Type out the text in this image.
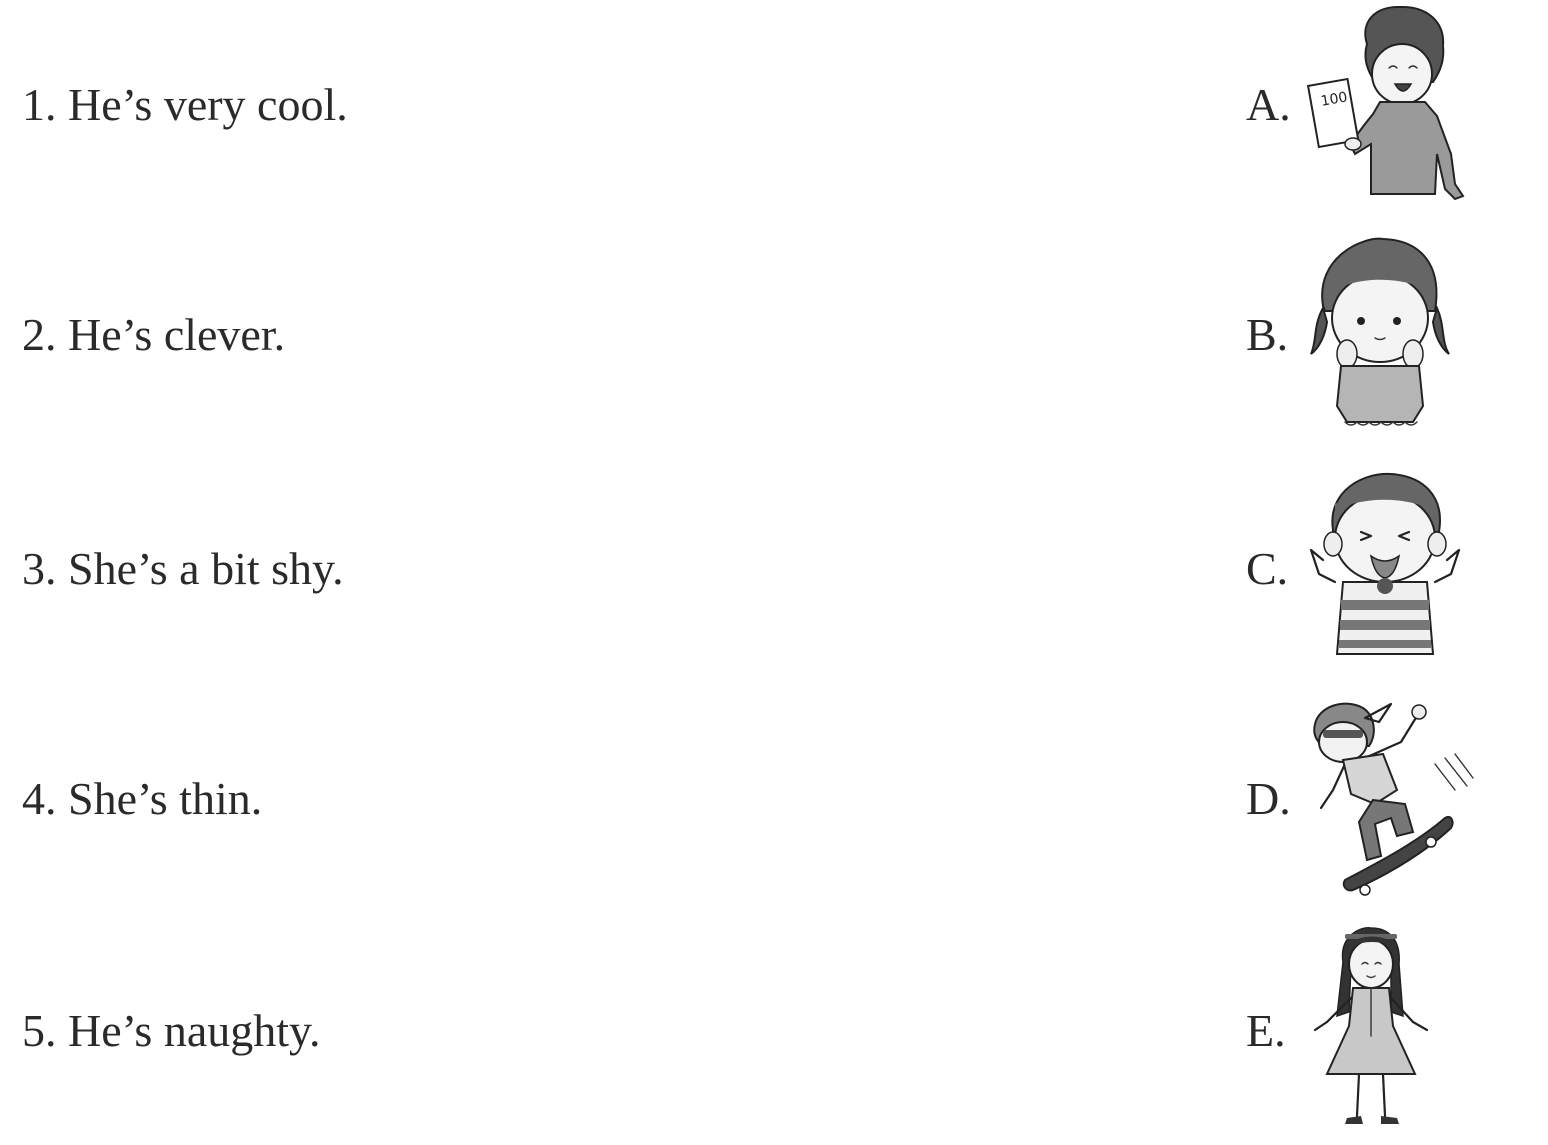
1. He’s very cool.
2. He’s clever.
3. She’s a bit shy.
4. She’s thin.
5. He’s naughty.
A.
B.
C.
D.
E.
100
